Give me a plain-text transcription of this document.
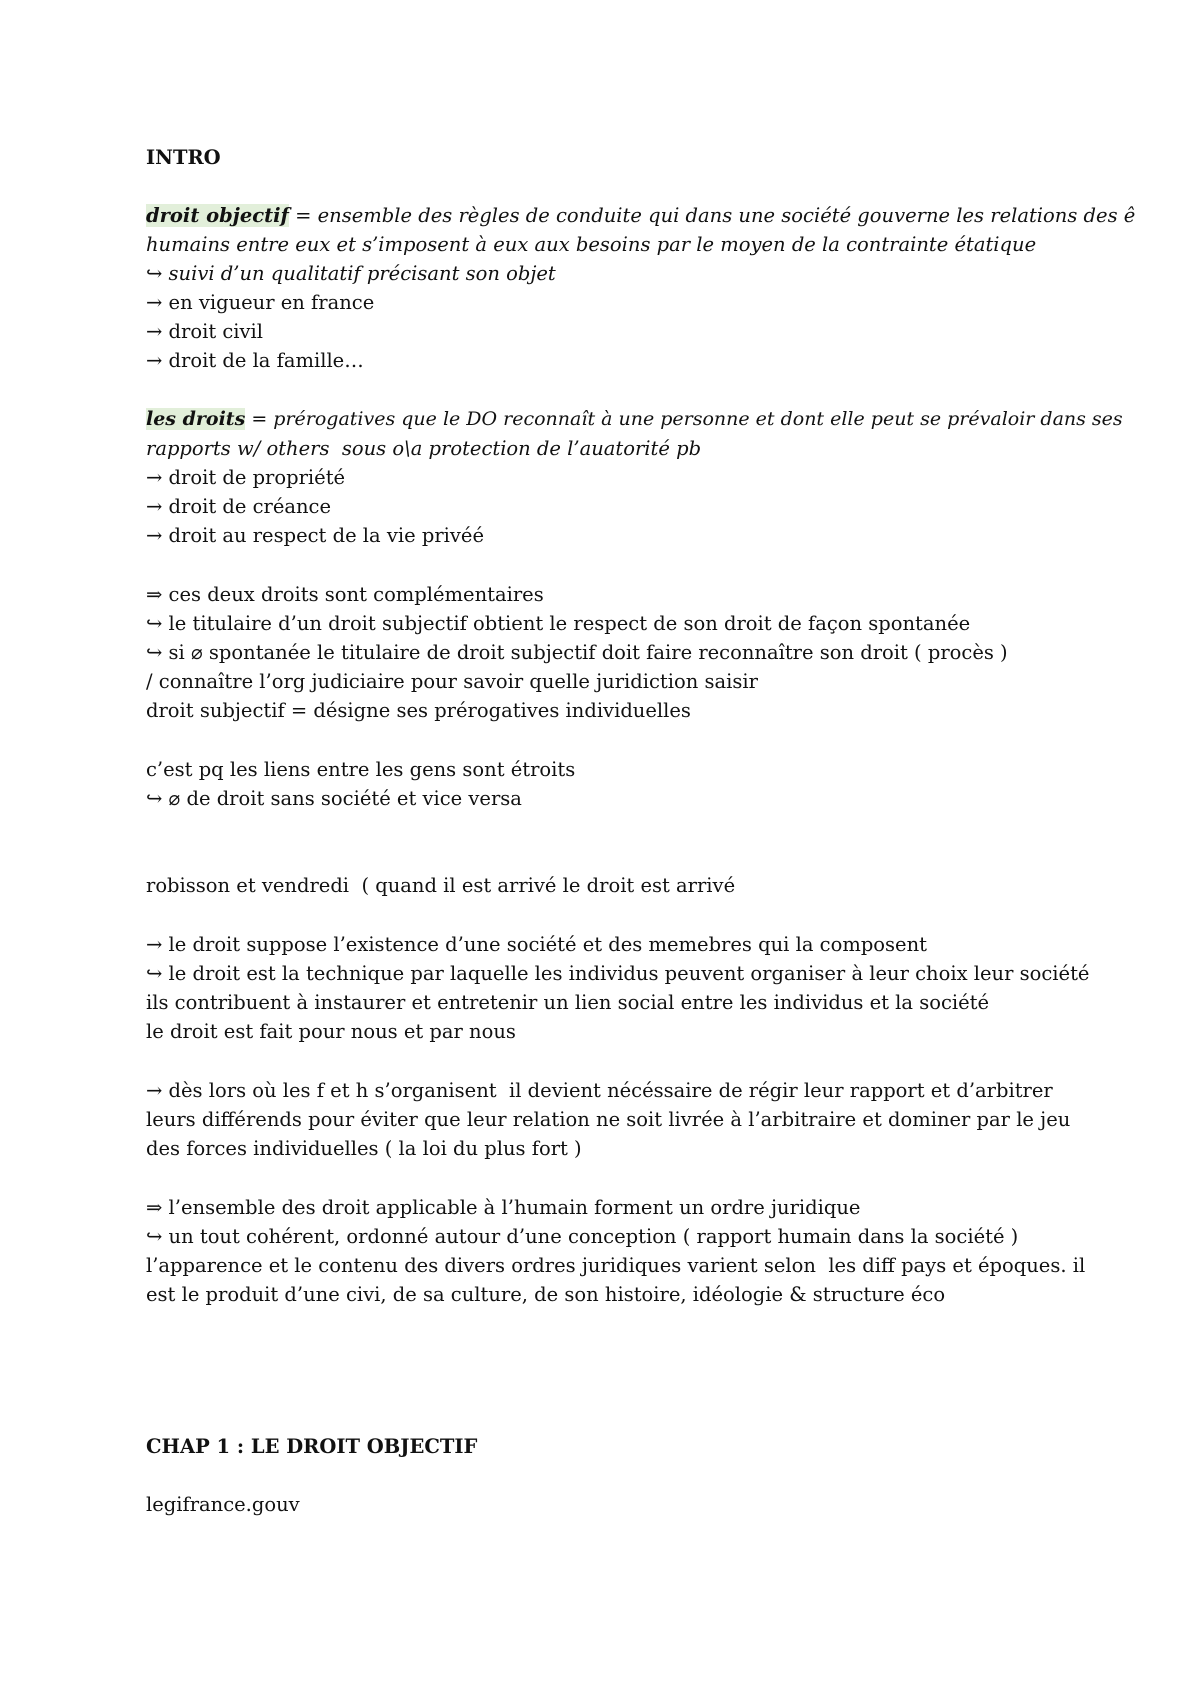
INTRO
droit objectif = ensemble des règles de conduite qui dans une société gouverne les relations des ê
humains entre eux et s’imposent à eux aux besoins par le moyen de la contrainte étatique
↪ suivi d’un qualitatif précisant son objet
→ en vigueur en france
→ droit civil
→ droit de la famille…
les droits = prérogatives que le DO reconnaît à une personne et dont elle peut se prévaloir dans ses
rapports w/ others  sous o\a protection de l’auatorité pb
→ droit de propriété
→ droit de créance
→ droit au respect de la vie privéé
⇒ ces deux droits sont complémentaires
↪ le titulaire d’un droit subjectif obtient le respect de son droit de façon spontanée
↪ si ⌀ spontanée le titulaire de droit subjectif doit faire reconnaître son droit ( procès )
/ connaître l’org judiciaire pour savoir quelle juridiction saisir
droit subjectif = désigne ses prérogatives individuelles
c’est pq les liens entre les gens sont étroits
↪ ⌀ de droit sans société et vice versa
robisson et vendredi  ( quand il est arrivé le droit est arrivé
→ le droit suppose l’existence d’une société et des memebres qui la composent
↪ le droit est la technique par laquelle les individus peuvent organiser à leur choix leur société
ils contribuent à instaurer et entretenir un lien social entre les individus et la société
le droit est fait pour nous et par nous
→ dès lors où les f et h s’organisent  il devient nécéssaire de régir leur rapport et d’arbitrer
leurs différends pour éviter que leur relation ne soit livrée à l’arbitraire et dominer par le jeu
des forces individuelles ( la loi du plus fort )
⇒ l’ensemble des droit applicable à l’humain forment un ordre juridique
↪ un tout cohérent, ordonné autour d’une conception ( rapport humain dans la société )
l’apparence et le contenu des divers ordres juridiques varient selon  les diff pays et époques. il
est le produit d’une civi, de sa culture, de son histoire, idéologie & structure éco
CHAP 1 : LE DROIT OBJECTIF
legifrance.gouv
